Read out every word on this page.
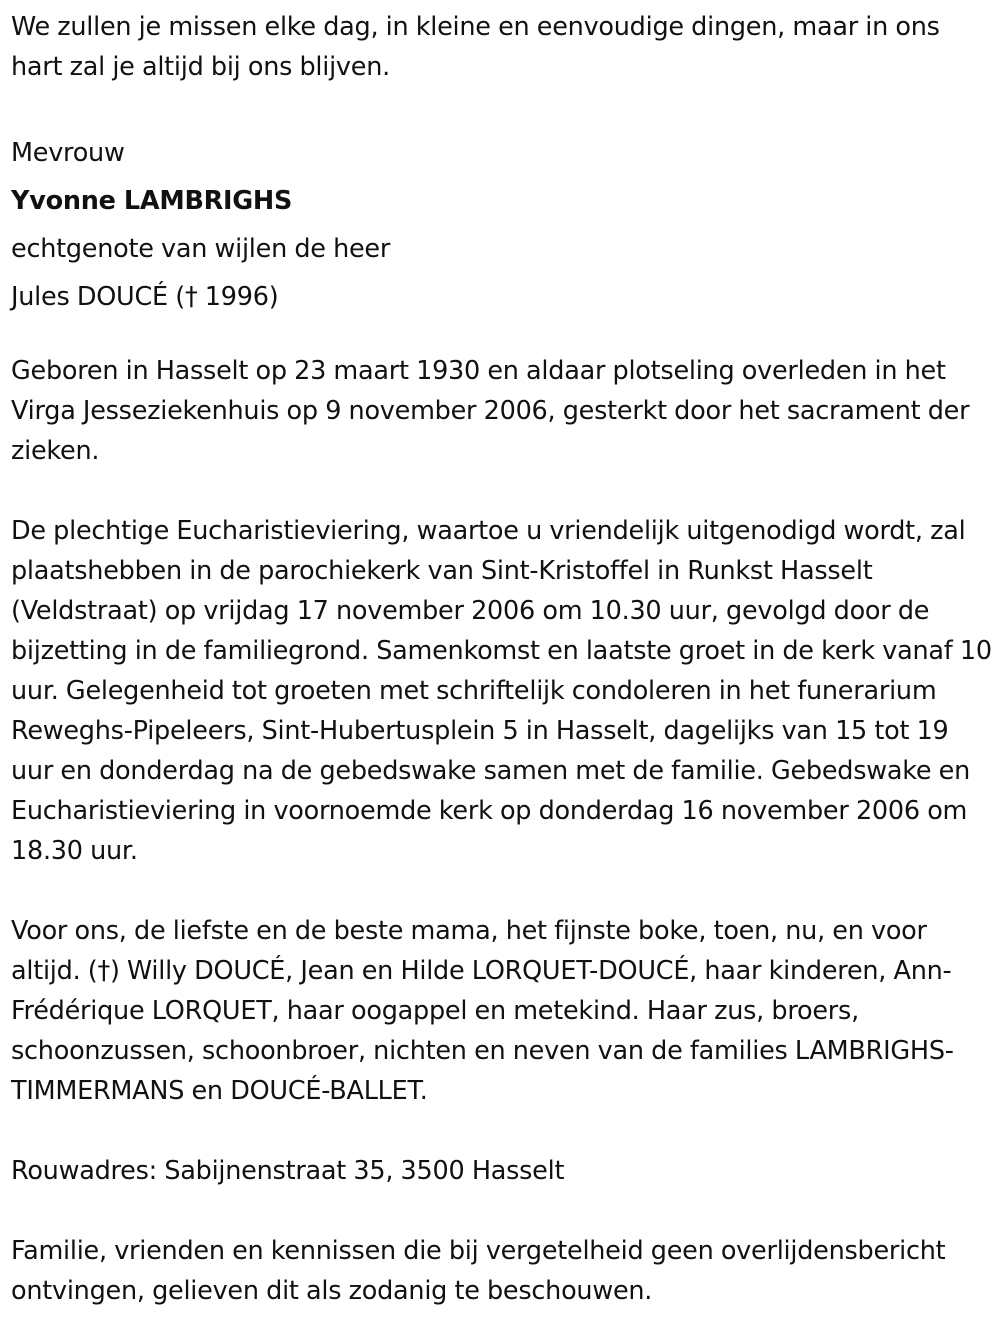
We zullen je missen elke dag, in kleine en eenvoudige dingen, maar in ons hart zal je altijd bij ons blijven.

Mevrouw

Yvonne LAMBRIGHS

echtgenote van wijlen de heer

Jules DOUCÉ († 1996)

Geboren in Hasselt op 23 maart 1930 en aldaar plotseling overleden in het Virga Jesseziekenhuis op 9 november 2006, gesterkt door het sacrament der zieken.

De plechtige Eucharistieviering, waartoe u vriendelijk uitgenodigd wordt, zal plaatshebben in de parochiekerk van Sint-Kristoffel in Runkst Hasselt (Veldstraat) op vrijdag 17 november 2006 om 10.30 uur, gevolgd door de bijzetting in de familiegrond. Samenkomst en laatste groet in de kerk vanaf 10 uur. Gelegenheid tot groeten met schriftelijk condoleren in het funerarium Reweghs-Pipeleers, Sint-Hubertusplein 5 in Hasselt, dagelijks van 15 tot 19 uur en donderdag na de gebedswake samen met de familie. Gebedswake en Eucharistieviering in voornoemde kerk op donderdag 16 november 2006 om 18.30 uur.

Voor ons, de liefste en de beste mama, het fijnste boke, toen, nu, en voor altijd. (†) Willy DOUCÉ, Jean en Hilde LORQUET-DOUCÉ, haar kinderen, Ann-Frédérique LORQUET, haar oogappel en metekind. Haar zus, broers, schoonzussen, schoonbroer, nichten en neven van de families LAMBRIGHS-TIMMERMANS en DOUCÉ-BALLET.

Rouwadres: Sabijnenstraat 35, 3500 Hasselt

Familie, vrienden en kennissen die bij vergetelheid geen overlijdensbericht ontvingen, gelieven dit als zodanig te beschouwen.
